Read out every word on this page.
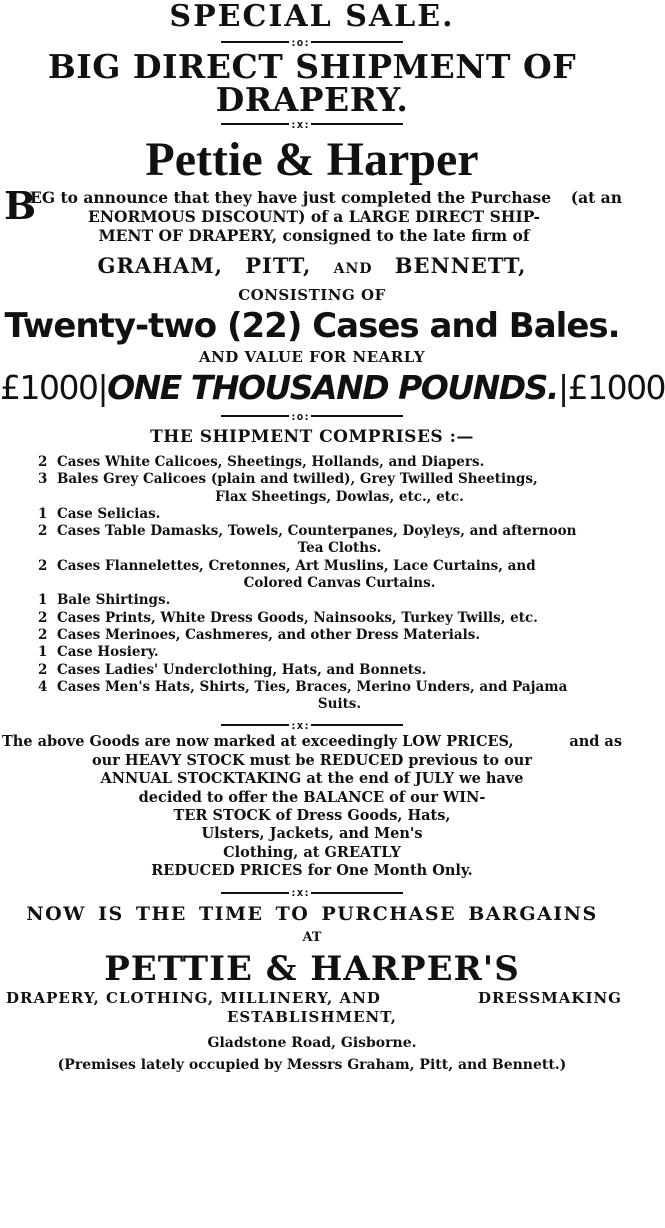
SPECIAL SALE.
:o:
BIG DIRECT SHIPMENT OF
DRAPERY.
:x:
Pettie & Harper
B
EG to announce that they have just completed the Purchase (at an
ENORMOUS DISCOUNT) of a LARGE DIRECT SHIP-
MENT OF DRAPERY, consigned to the late firm of
GRAHAM, PITT, AND BENNETT,
CONSISTING OF
Twenty-two (22) Cases and Bales.
AND VALUE FOR NEARLY
£1000|ONE THOUSAND POUNDS.|£1000
:o:
THE SHIPMENT COMPRISES :—
2 Cases White Calicoes, Sheetings, Hollands, and Diapers.
3 Bales Grey Calicoes (plain and twilled), Grey Twilled Sheetings,
Flax Sheetings, Dowlas, etc., etc.
1 Case Selicias.
2 Cases Table Damasks, Towels, Counterpanes, Doyleys, and afternoon
Tea Cloths.
2 Cases Flannelettes, Cretonnes, Art Muslins, Lace Curtains, and
Colored Canvas Curtains.
1 Bale Shirtings.
2 Cases Prints, White Dress Goods, Nainsooks, Turkey Twills, etc.
2 Cases Merinoes, Cashmeres, and other Dress Materials.
1 Case Hosiery.
2 Cases Ladies' Underclothing, Hats, and Bonnets.
4 Cases Men's Hats, Shirts, Ties, Braces, Merino Unders, and Pajama
Suits.
:x:
The above Goods are now marked at exceedingly LOW PRICES,	and as
our HEAVY STOCK must be REDUCED previous to our
ANNUAL STOCKTAKING at the end of JULY we have
decided to offer the BALANCE of our WIN-
TER STOCK of Dress Goods, Hats,
Ulsters, Jackets, and Men's
Clothing, at GREATLY
REDUCED PRICES for One Month Only.
:x:
NOW IS THE TIME TO PURCHASE BARGAINS
AT
PETTIE & HARPER'S
DRAPERY, CLOTHING, MILLINERY, AND	DRESSMAKING
ESTABLISHMENT,
Gladstone Road, Gisborne.
(Premises lately occupied by Messrs Graham, Pitt, and Bennett.)
